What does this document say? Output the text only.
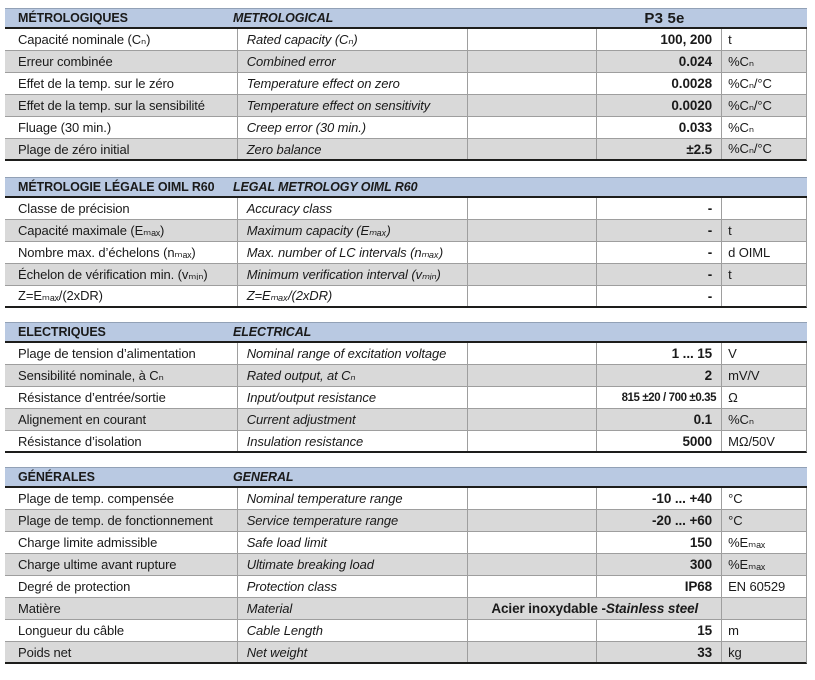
MÉTROLOGIQUES	METROLOGICAL	P3 5e
Capacité nominale (Cₙ)	Rated capacity (Cₙ)	100, 200	t
Erreur combinée	Combined error	0.024	%Cₙ
Effet de la temp. sur le zéro	Temperature effect on zero	0.0028	%Cₙ/°C
Effet de la temp. sur la sensibilité	Temperature effect on sensitivity	0.0020	%Cₙ/°C
Fluage (30 min.)	Creep error (30 min.)	0.033	%Cₙ
Plage de zéro initial	Zero balance	±2.5	%Cₙ/°C
MÉTROLOGIE LÉGALE OIML R60	LEGAL METROLOGY OIML R60
Classe de précision	Accuracy class	-
Capacité maximale (Eₘₐₓ)	Maximum capacity (Eₘₐₓ)	-	t
Nombre max. d’échelons (nₘₐₓ)	Max. number of LC intervals (nₘₐₓ)	-	d OIML
Échelon de vérification min. (vₘᵢₙ)	Minimum verification interval (vₘᵢₙ)	-	t
Z=Eₘₐₓ/(2xDR)	Z=Eₘₐₓ/(2xDR)	-
ELECTRIQUES	ELECTRICAL
Plage de tension d’alimentation	Nominal range of excitation voltage	1 ... 15	V
Sensibilité nominale, à Cₙ	Rated output, at Cₙ	2	mV/V
Résistance d’entrée/sortie	Input/output resistance	815 ±20 / 700 ±0.35 Ω
Alignement en courant	Current adjustment	0.1	%Cₙ
Résistance d’isolation	Insulation resistance	5000	MΩ/50V
GÉNÉRALES	GENERAL
Plage de temp. compensée	Nominal temperature range	-10 ... +40	°C
Plage de temp. de fonctionnement	Service temperature range	-20 ... +60	°C
Charge limite admissible	Safe load limit	150	%Eₘₐₓ
Charge ultime avant rupture	Ultimate breaking load	300	%Eₘₐₓ
Degré de protection	Protection class	IP68	EN 60529
Matière	Material	Acier inoxydable - Stainless steel
Longueur du câble	Cable Length	15	m
Poids net	Net weight	33	kg
